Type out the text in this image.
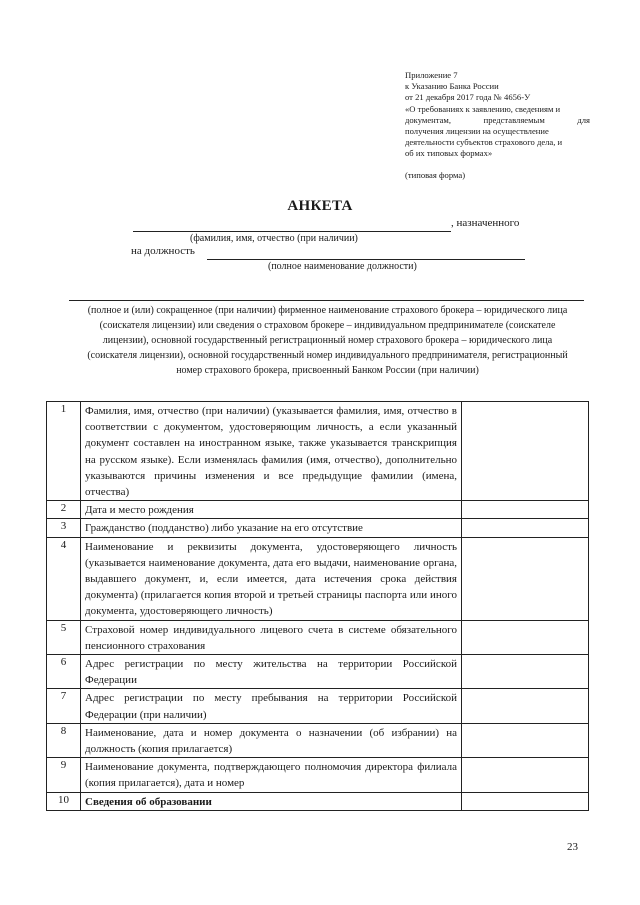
Приложение 7
к Указанию Банка России
от 21 декабря 2017 года № 4656-У
«О требованиях к заявлению, сведениям и
документам, представляемым для
получения лицензии на осуществление
деятельности субъектов страхового дела, и
об их типовых формах»
(типовая форма)
АНКЕТА
, назначенного
(фамилия, имя, отчество (при наличии)
на должность
(полное наименование должности)
(полное и (или) сокращенное (при наличии) фирменное наименование страхового брокера – юридического лица (соискателя лицензии) или сведения о страховом брокере – индивидуальном предпринимателе (соискателе лицензии), основной государственный регистрационный номер страхового брокера – юридического лица (соискателя лицензии), основной государственный номер индивидуального предпринимателя, регистрационный номер страхового брокера, присвоенный Банком России (при наличии)
1	Фамилия, имя, отчество (при наличии) (указывается фамилия, имя, отчество в соответствии с документом, удостоверяющим личность, а если указанный документ составлен на иностранном языке, также указывается транскрипция на русском языке). Если изменялась фамилия (имя, отчество), дополнительно указываются причины изменения и все предыдущие фамилии (имена, отчества)	
2	Дата и место рождения	
3	Гражданство (подданство) либо указание на его отсутствие	
4	Наименование и реквизиты документа, удостоверяющего личность (указывается наименование документа, дата его выдачи, наименование органа, выдавшего документ, и, если имеется, дата истечения срока действия документа) (прилагается копия второй и третьей страницы паспорта или иного документа, удостоверяющего личность)	
5	Страховой номер индивидуального лицевого счета в системе обязательного пенсионного страхования	
6	Адрес регистрации по месту жительства на территории Российской Федерации	
7	Адрес регистрации по месту пребывания на территории Российской Федерации (при наличии)	
8	Наименование, дата и номер документа о назначении (об избрании) на должность (копия прилагается)	
9	Наименование документа, подтверждающего полномочия директора филиала (копия прилагается), дата и номер	
10	Сведения об образовании	
23
